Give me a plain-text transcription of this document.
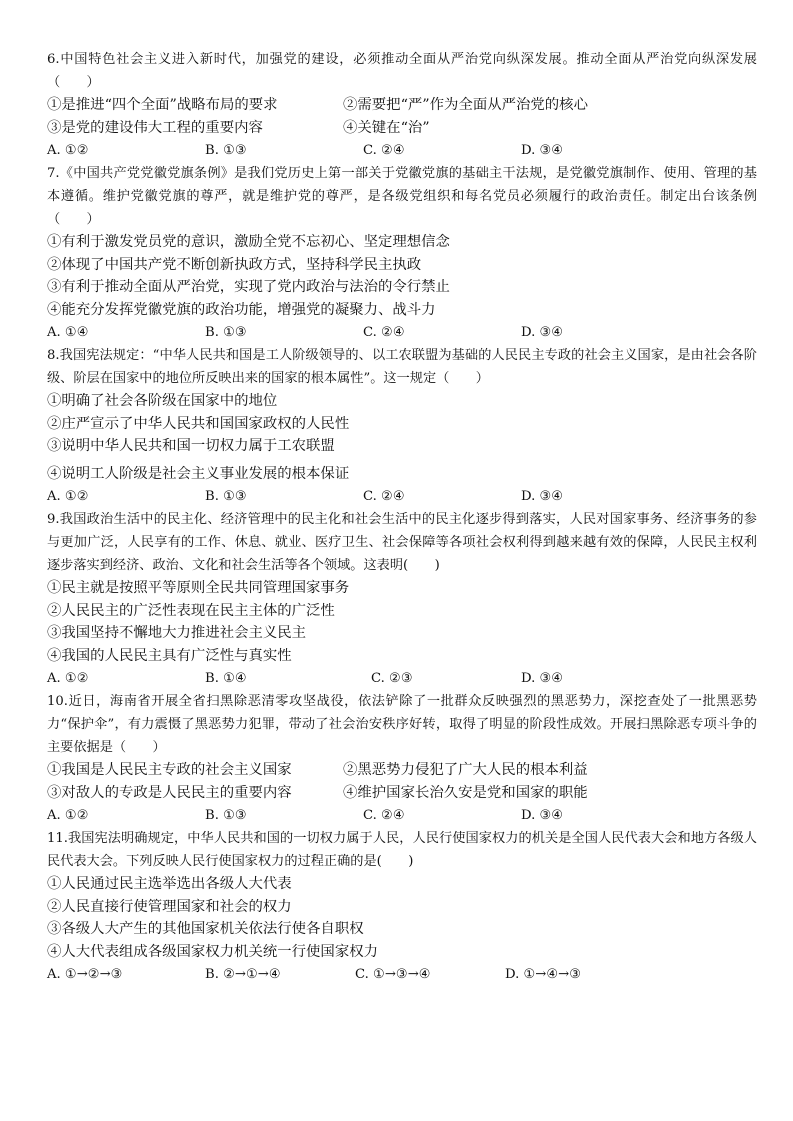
6.中国特色社会主义进入新时代，加强党的建设，必须推动全面从严治党向纵深发展。推动全面从严治党向纵深发展（　　）
①是推进“四个全面”战略布局的要求	②需要把“严”作为全面从严治党的核心
③是党的建设伟大工程的重要内容	④关键在“治”
A. ①②	B. ①③	C. ②④	D. ③④
7.《中国共产党党徽党旗条例》是我们党历史上第一部关于党徽党旗的基础主干法规，是党徽党旗制作、使用、管理的基本遵循。维护党徽党旗的尊严，就是维护党的尊严，是各级党组织和每名党员必须履行的政治责任。制定出台该条例（　　）
①有利于激发党员党的意识，激励全党不忘初心、坚定理想信念
②体现了中国共产党不断创新执政方式，坚持科学民主执政
③有利于推动全面从严治党，实现了党内政治与法治的令行禁止
④能充分发挥党徽党旗的政治功能，增强党的凝聚力、战斗力
A. ①④	B. ①③	C. ②④	D. ③④
8.我国宪法规定：“中华人民共和国是工人阶级领导的、以工农联盟为基础的人民民主专政的社会主义国家，是由社会各阶级、阶层在国家中的地位所反映出来的国家的根本属性”。这一规定（　　）
①明确了社会各阶级在国家中的地位
②庄严宣示了中华人民共和国国家政权的人民性
③说明中华人民共和国一切权力属于工农联盟
④说明工人阶级是社会主义事业发展的根本保证
A. ①②	B. ①③	C. ②④	D. ③④
9.我国政治生活中的民主化、经济管理中的民主化和社会生活中的民主化逐步得到落实，人民对国家事务、经济事务的参与更加广泛，人民享有的工作、休息、就业、医疗卫生、社会保障等各项社会权利得到越来越有效的保障，人民民主权利逐步落实到经济、政治、文化和社会生活等各个领域。这表明(　　)
①民主就是按照平等原则全民共同管理国家事务
②人民民主的广泛性表现在民主主体的广泛性
③我国坚持不懈地大力推进社会主义民主
④我国的人民民主具有广泛性与真实性
A. ①②	B. ①④	C. ②③	D. ③④
10.近日，海南省开展全省扫黑除恶清零攻坚战役，依法铲除了一批群众反映强烈的黑恶势力，深挖查处了一批黑恶势力“保护伞”，有力震慑了黑恶势力犯罪，带动了社会治安秩序好转，取得了明显的阶段性成效。开展扫黑除恶专项斗争的主要依据是（　　）
①我国是人民民主专政的社会主义国家	②黑恶势力侵犯了广大人民的根本利益
③对敌人的专政是人民民主的重要内容	④维护国家长治久安是党和国家的职能
A. ①②	B. ①③	C. ②④	D. ③④
11.我国宪法明确规定，中华人民共和国的一切权力属于人民，人民行使国家权力的机关是全国人民代表大会和地方各级人民代表大会。下列反映人民行使国家权力的过程正确的是(　　)
①人民通过民主选举选出各级人大代表
②人民直接行使管理国家和社会的权力
③各级人大产生的其他国家机关依法行使各自职权
④人大代表组成各级国家权力机关统一行使国家权力
A. ①→②→③	B. ②→①→④	C. ①→③→④	D. ①→④→③
